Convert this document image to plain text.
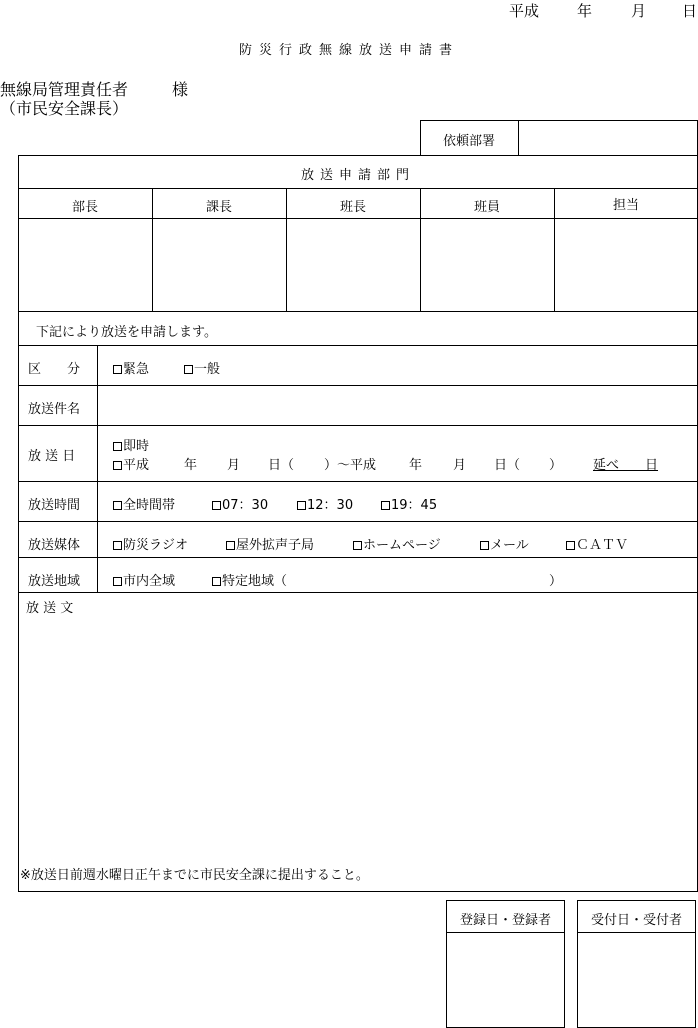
平成	年	月 日
防災行政無線放送申請書
無線局管理責任者
（市民安全課長）
様
依頼部署
放送申請部門
部長	課長	班長	班員	担当
下記により放送を申請します。
区　　分	緊急	一般
放送件名
放 送 日
即時
平成	年 月 日（ ） 〜平成	年 月 日（ ） 延べ　　日
放送時間	全時間帯	07：30	12：30	19：45
放送媒体	防災ラジオ	屋外拡声子局	ホームページ	メール	ＣＡＴＶ
放送地域	市内全域	特定地域（	）
放 送 文
※放送日前週水曜日正午までに市民安全課に提出すること。
登録日・登録者	受付日・受付者
